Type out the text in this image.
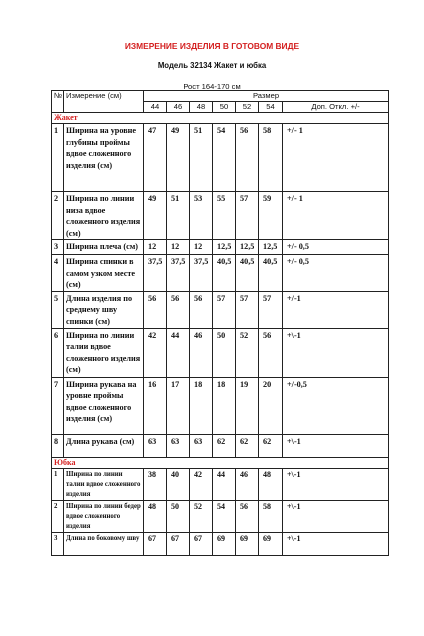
ИЗМЕРЕНИЕ ИЗДЕЛИЯ В ГОТОВОМ ВИДЕ
Модель 32134 Жакет и юбка
Рост 164-170 см
№	Измерение (см)	Размер						
		44	46	48	50	52	54	Доп. Откл. +/-
Жакет								
1	Ширина на уровне глубины проймы вдвое сложенного изделия (см)	47	49	51	54	56	58	+/- 1
2	Ширина по линии низа вдвое сложенного изделия (см)	49	51	53	55	57	59	+/- 1
3	Ширина плеча (см)	12	12	12	12,5	12,5	12,5	+/- 0,5
4	Ширина спинки в самом узком месте (см)	37,5	37,5	37,5	40,5	40,5	40,5	+/- 0,5
5	Длина изделия по среднему шву спинки (см)	56	56	56	57	57	57	+/-1
6	Ширина по линии талии вдвое сложенного изделия (см)	42	44	46	50	52	56	+\-1
7	Ширина рукава на уровне проймы вдвое сложенного изделия (см)	16	17	18	18	19	20	+/-0,5
8	Длина рукава (см)	63	63	63	62	62	62	+\-1
Юбка								
1	Ширина по линии талии вдвое сложенного изделия	38	40	42	44	46	48	+\-1
2	Ширина по линии бедер вдвое сложенного изделия	48	50	52	54	56	58	+\-1
3	Длина по боковому шву	67	67	67	69	69	69	+\-1
